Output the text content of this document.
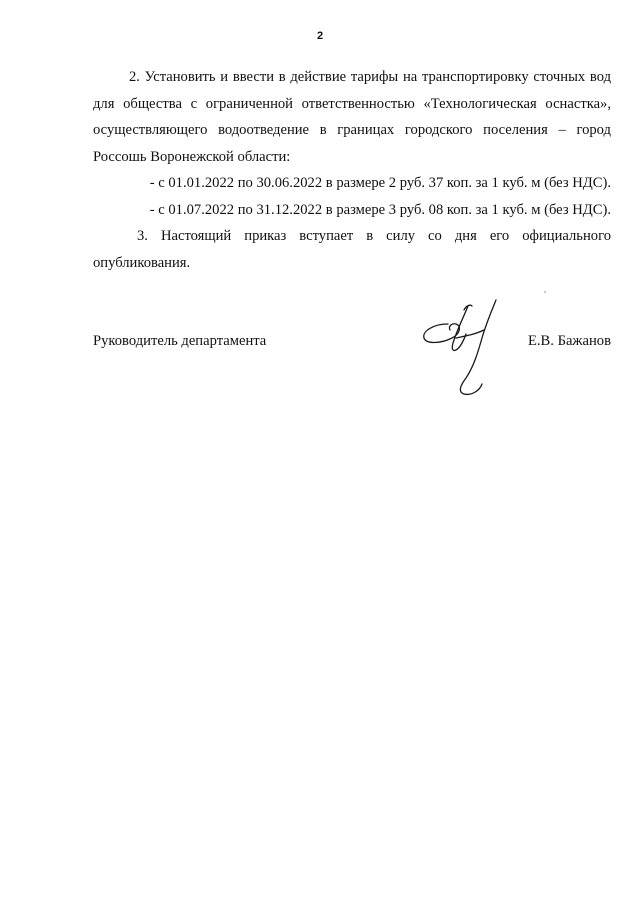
2

2. Установить и ввести в действие тарифы на транспортировку сточных вод для общества с ограниченной ответственностью «Технологическая оснастка», осуществляющего водоотведение в границах городского поселения – город Россошь Воронежской области:

- с 01.01.2022 по 30.06.2022 в размере 2 руб. 37 коп. за 1 куб. м (без НДС).

- с 01.07.2022 по 31.12.2022 в размере 3 руб. 08 коп. за 1 куб. м (без НДС).

3. Настоящий приказ вступает в силу со дня его официального опубликования.

Руководитель департамента	Е.В. Бажанов
